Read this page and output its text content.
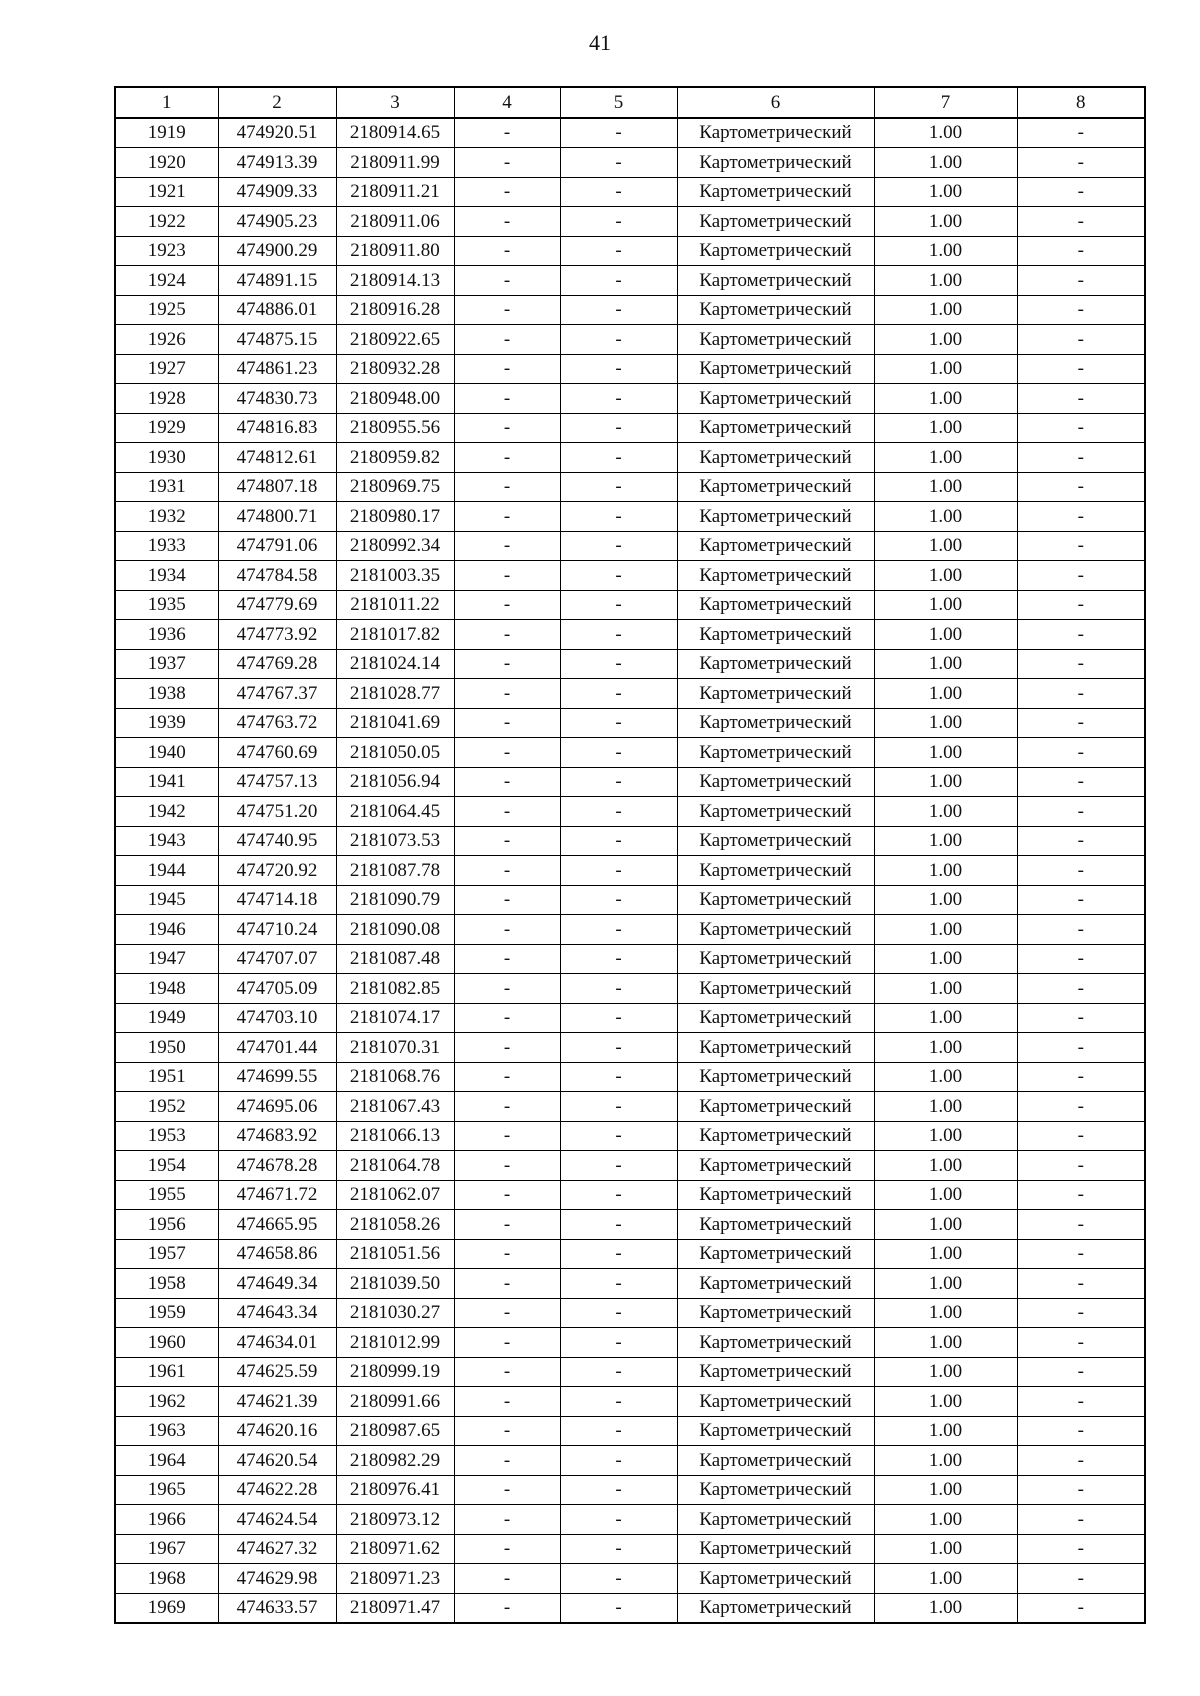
41
1	2	3	4	5	6	7	8
1919	474920.51	2180914.65	-	-	Картометрический	1.00	-
1920	474913.39	2180911.99	-	-	Картометрический	1.00	-
1921	474909.33	2180911.21	-	-	Картометрический	1.00	-
1922	474905.23	2180911.06	-	-	Картометрический	1.00	-
1923	474900.29	2180911.80	-	-	Картометрический	1.00	-
1924	474891.15	2180914.13	-	-	Картометрический	1.00	-
1925	474886.01	2180916.28	-	-	Картометрический	1.00	-
1926	474875.15	2180922.65	-	-	Картометрический	1.00	-
1927	474861.23	2180932.28	-	-	Картометрический	1.00	-
1928	474830.73	2180948.00	-	-	Картометрический	1.00	-
1929	474816.83	2180955.56	-	-	Картометрический	1.00	-
1930	474812.61	2180959.82	-	-	Картометрический	1.00	-
1931	474807.18	2180969.75	-	-	Картометрический	1.00	-
1932	474800.71	2180980.17	-	-	Картометрический	1.00	-
1933	474791.06	2180992.34	-	-	Картометрический	1.00	-
1934	474784.58	2181003.35	-	-	Картометрический	1.00	-
1935	474779.69	2181011.22	-	-	Картометрический	1.00	-
1936	474773.92	2181017.82	-	-	Картометрический	1.00	-
1937	474769.28	2181024.14	-	-	Картометрический	1.00	-
1938	474767.37	2181028.77	-	-	Картометрический	1.00	-
1939	474763.72	2181041.69	-	-	Картометрический	1.00	-
1940	474760.69	2181050.05	-	-	Картометрический	1.00	-
1941	474757.13	2181056.94	-	-	Картометрический	1.00	-
1942	474751.20	2181064.45	-	-	Картометрический	1.00	-
1943	474740.95	2181073.53	-	-	Картометрический	1.00	-
1944	474720.92	2181087.78	-	-	Картометрический	1.00	-
1945	474714.18	2181090.79	-	-	Картометрический	1.00	-
1946	474710.24	2181090.08	-	-	Картометрический	1.00	-
1947	474707.07	2181087.48	-	-	Картометрический	1.00	-
1948	474705.09	2181082.85	-	-	Картометрический	1.00	-
1949	474703.10	2181074.17	-	-	Картометрический	1.00	-
1950	474701.44	2181070.31	-	-	Картометрический	1.00	-
1951	474699.55	2181068.76	-	-	Картометрический	1.00	-
1952	474695.06	2181067.43	-	-	Картометрический	1.00	-
1953	474683.92	2181066.13	-	-	Картометрический	1.00	-
1954	474678.28	2181064.78	-	-	Картометрический	1.00	-
1955	474671.72	2181062.07	-	-	Картометрический	1.00	-
1956	474665.95	2181058.26	-	-	Картометрический	1.00	-
1957	474658.86	2181051.56	-	-	Картометрический	1.00	-
1958	474649.34	2181039.50	-	-	Картометрический	1.00	-
1959	474643.34	2181030.27	-	-	Картометрический	1.00	-
1960	474634.01	2181012.99	-	-	Картометрический	1.00	-
1961	474625.59	2180999.19	-	-	Картометрический	1.00	-
1962	474621.39	2180991.66	-	-	Картометрический	1.00	-
1963	474620.16	2180987.65	-	-	Картометрический	1.00	-
1964	474620.54	2180982.29	-	-	Картометрический	1.00	-
1965	474622.28	2180976.41	-	-	Картометрический	1.00	-
1966	474624.54	2180973.12	-	-	Картометрический	1.00	-
1967	474627.32	2180971.62	-	-	Картометрический	1.00	-
1968	474629.98	2180971.23	-	-	Картометрический	1.00	-
1969	474633.57	2180971.47	-	-	Картометрический	1.00	-
